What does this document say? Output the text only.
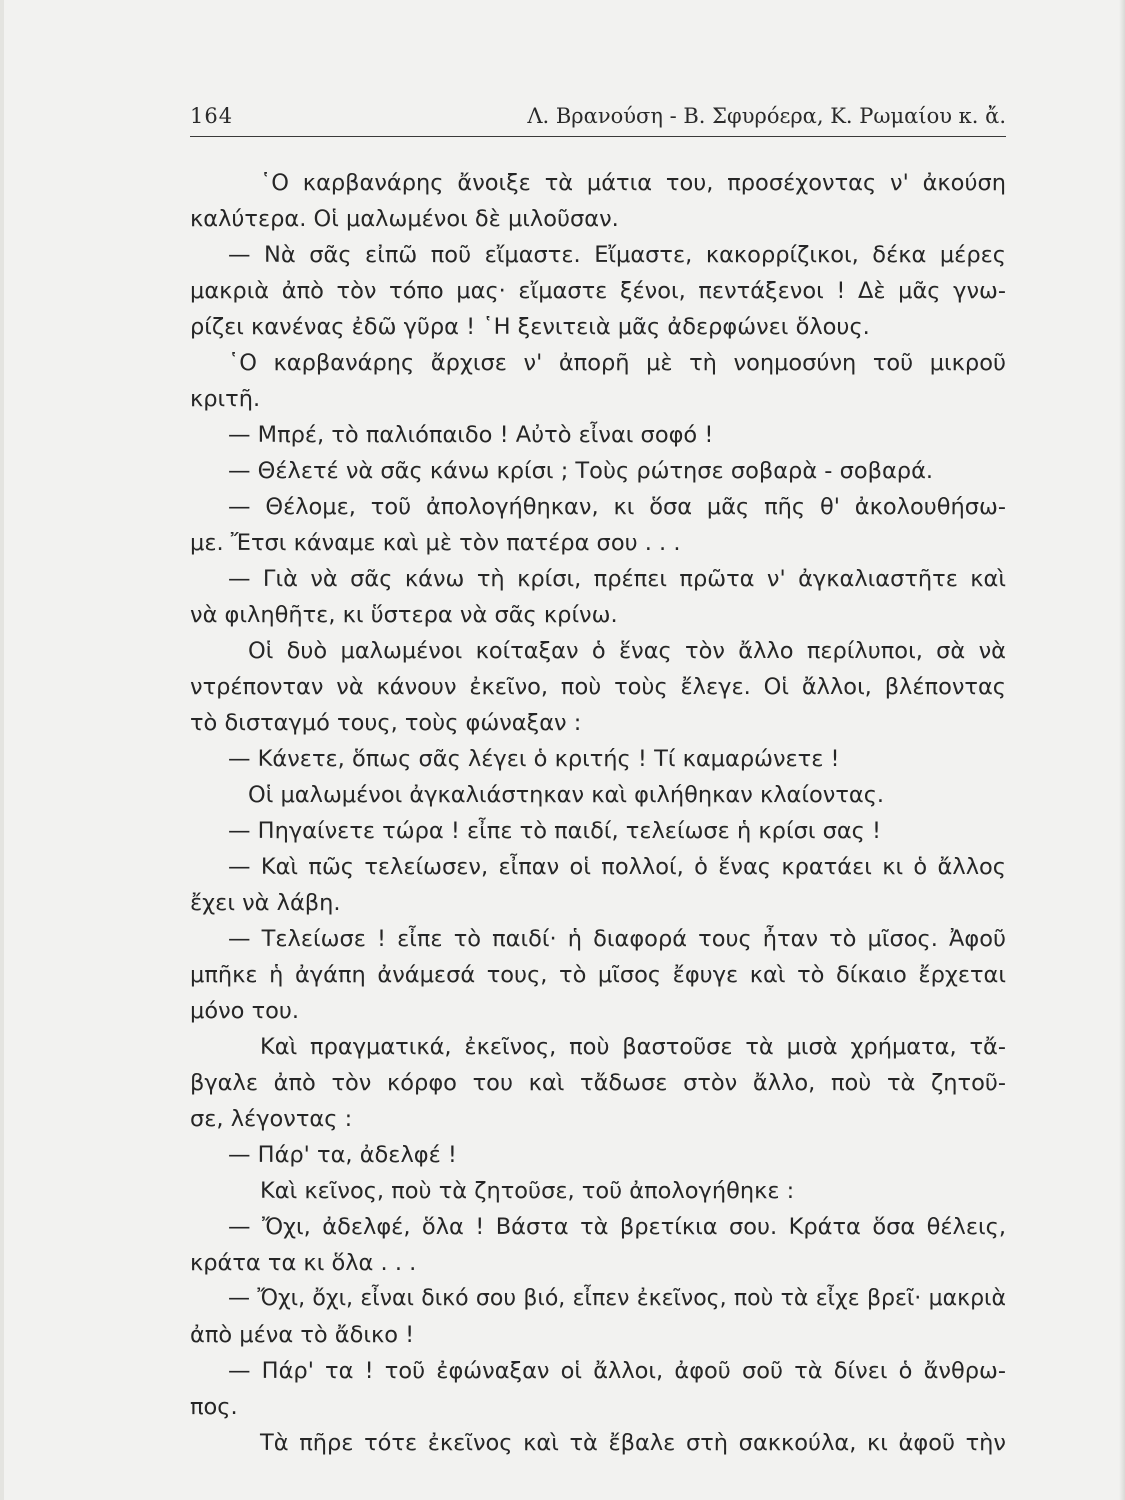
164	Λ. Βρανούση - Β. Σφυρόερα, Κ. Ρωμαίου κ. ἄ.
῾Ο καρβανάρης ἄνοιξε τὰ μάτια του, προσέχοντας ν' ἀκούση
καλύτερα. Οἱ μαλωμένοι δὲ μιλοῦσαν.
— Νὰ σᾶς εἰπῶ ποῦ εἴμαστε. Εἴμαστε, κακορρίζικοι, δέκα μέρες
μακριὰ ἀπὸ τὸν τόπο μας· εἴμαστε ξένοι, πεντάξενοι ! Δὲ μᾶς γνω-
ρίζει κανένας ἐδῶ γῦρα ! ῾Η ξενιτειὰ μᾶς ἀδερφώνει ὅλους.
῾Ο καρβανάρης ἄρχισε ν' ἀπορῆ μὲ τὴ νοημοσύνη τοῦ μικροῦ
κριτῆ.
— Μπρέ, τὸ παλιόπαιδο ! Αὐτὸ εἶναι σοφό !
— Θέλετέ νὰ σᾶς κάνω κρίσι ; Τοὺς ρώτησε σοβαρὰ - σοβαρά.
— Θέλομε, τοῦ ἀπολογήθηκαν, κι ὅσα μᾶς πῆς θ' ἀκολουθήσω-
με. Ἔτσι κάναμε καὶ μὲ τὸν πατέρα σου . . .
— Γιὰ νὰ σᾶς κάνω τὴ κρίσι, πρέπει πρῶτα ν' ἀγκαλιαστῆτε καὶ
νὰ φιληθῆτε, κι ὕστερα νὰ σᾶς κρίνω.
Οἱ δυὸ μαλωμένοι κοίταξαν ὁ ἕνας τὸν ἄλλο περίλυποι, σὰ νὰ
ντρέπονταν νὰ κάνουν ἐκεῖνο, ποὺ τοὺς ἔλεγε. Οἱ ἄλλοι, βλέποντας
τὸ δισταγμό τους, τοὺς φώναξαν :
— Κάνετε, ὅπως σᾶς λέγει ὁ κριτής ! Τί καμαρώνετε !
Οἱ μαλωμένοι ἀγκαλιάστηκαν καὶ φιλήθηκαν κλαίοντας.
— Πηγαίνετε τώρα ! εἶπε τὸ παιδί, τελείωσε ἡ κρίσι σας !
— Καὶ πῶς τελείωσεν, εἶπαν οἱ πολλοί, ὁ ἕνας κρατάει κι ὁ ἄλλος
ἔχει νὰ λάβη.
— Τελείωσε ! εἶπε τὸ παιδί· ἡ διαφορά τους ἦταν τὸ μῖσος. Ἀφοῦ
μπῆκε ἡ ἀγάπη ἀνάμεσά τους, τὸ μῖσος ἔφυγε καὶ τὸ δίκαιο ἔρχεται
μόνο του.
Καὶ πραγματικά, ἐκεῖνος, ποὺ βαστοῦσε τὰ μισὰ χρήματα, τἄ-
βγαλε ἀπὸ τὸν κόρφο του καὶ τἄδωσε στὸν ἄλλο, ποὺ τὰ ζητοῦ-
σε, λέγοντας :
— Πάρ' τα, ἀδελφέ !
Καὶ κεῖνος, ποὺ τὰ ζητοῦσε, τοῦ ἀπολογήθηκε :
— Ὄχι, ἀδελφέ, ὅλα ! Βάστα τὰ βρετίκια σου. Κράτα ὅσα θέλεις,
κράτα τα κι ὅλα . . .
— Ὄχι, ὄχι, εἶναι δικό σου βιό, εἶπεν ἐκεῖνος, ποὺ τὰ εἶχε βρεῖ· μακριὰ
ἀπὸ μένα τὸ ἄδικο !
— Πάρ' τα ! τοῦ ἐφώναξαν οἱ ἄλλοι, ἀφοῦ σοῦ τὰ δίνει ὁ ἄνθρω-
πος.
Τὰ πῆρε τότε ἐκεῖνος καὶ τὰ ἔβαλε στὴ σακκούλα, κι ἀφοῦ τὴν
